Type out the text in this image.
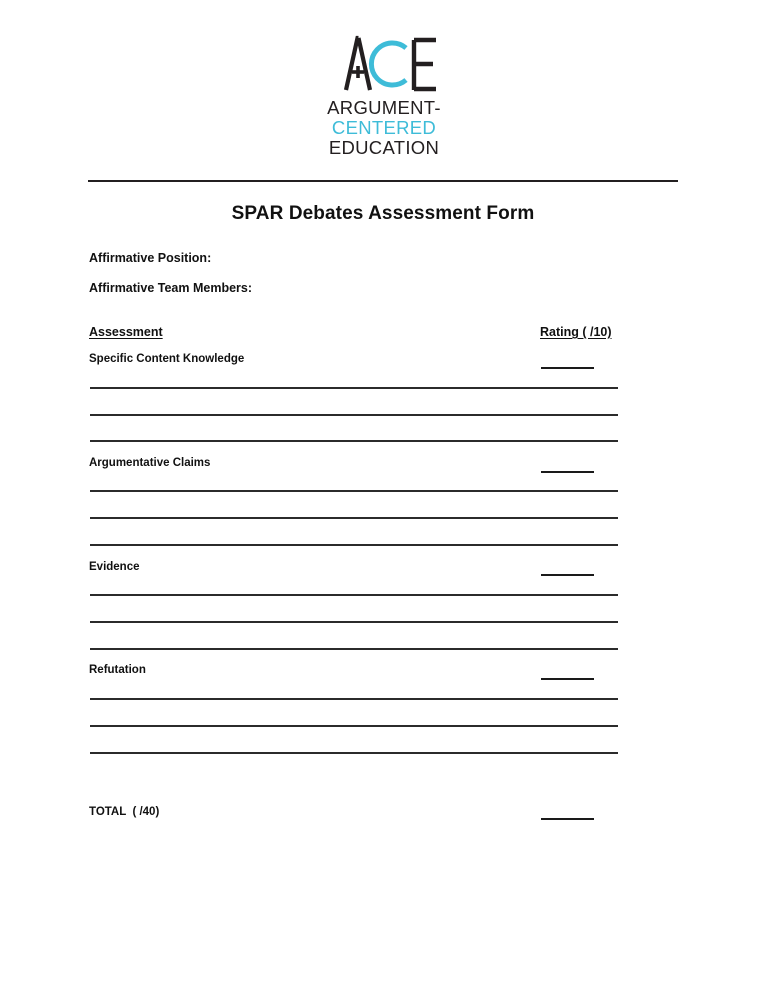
ARGUMENT-
CENTERED
EDUCATION
SPAR Debates Assessment Form
Affirmative Position:
Affirmative Team Members:
Assessment	Rating ( /10)
Specific Content Knowledge
Argumentative Claims
Evidence
Refutation
TOTAL  ( /40)
